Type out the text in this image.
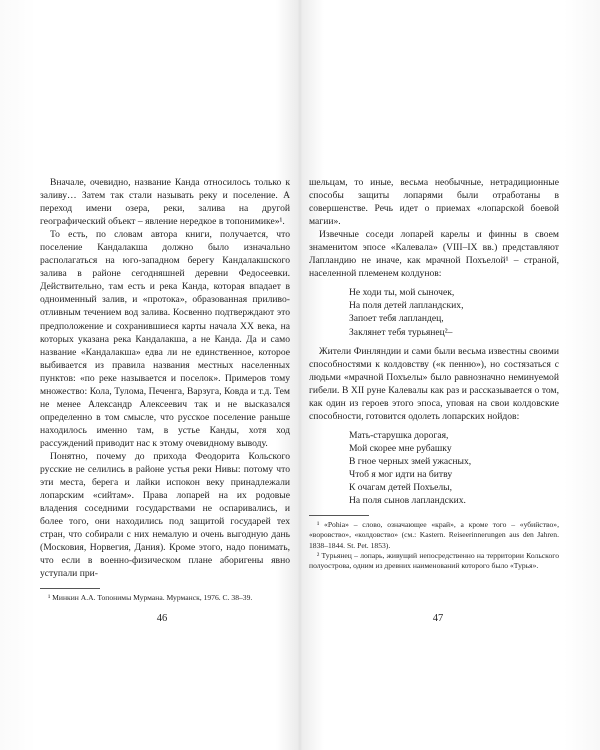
Вначале, очевидно, название Канда относилось только к заливу… Затем так стали называть реку и поселение. А переход имени озера, реки, залива на другой географический объект – явление нередкое в топонимике»¹.

То есть, по словам автора книги, получается, что поселение Кандалакша должно было изначально располагаться на юго-западном берегу Кандалакшского залива в районе сегодняшней деревни Федосеевки. Действительно, там есть и река Канда, которая впадает в одноименный залив, и «протока», образованная приливо-отливным течением вод залива. Косвенно подтверждают это предположение и сохранившиеся карты начала XX века, на которых указана река Кандалакша, а не Канда. Да и само название «Кандалакша» едва ли не единственное, которое выбивается из правила названия местных населенных пунктов: «по реке называется и поселок». Примеров тому множество: Кола, Тулома, Печенга, Варзуга, Ковда и т.д. Тем не менее Александр Алексеевич так и не высказался определенно в том смысле, что русское поселение раньше находилось именно там, в устье Канды, хотя ход рассуждений приводит нас к этому очевидному выводу.

Понятно, почему до прихода Феодорита Кольского русские не селились в районе устья реки Нивы: потому что эти места, берега и лайки испокон веку принадлежали лопарским «сийтам». Права лопарей на их родовые владения соседними государствами не оспаривались, и более того, они находились под защитой государей тех стран, что собирали с них немалую и очень выгодную дань (Московия, Норвегия, Дания). Кроме этого, надо понимать, что если в военно-физическом плане аборигены явно уступали при-

¹ Минкин А.А. Топонимы Мурмана. Мурманск, 1976. С. 38–39.

46

шельцам, то иные, весьма необычные, нетрадиционные способы защиты лопарями были отработаны в совершенстве. Речь идет о приемах «лопарской боевой магии».

Извечные соседи лопарей карелы и финны в своем знаменитом эпосе «Калевала» (VIII–IX вв.) представляют Лапландию не иначе, как мрачной Похъелой¹ – страной, населенной племенем колдунов:

Не ходи ты, мой сыночек,
На поля детей лапландских,
Запоет тебя лапландец,
Заклянет тебя турьянец²–

Жители Финляндии и сами были весьма известны своими способностями к колдовству («к пенню»), но состязаться с людьми «мрачной Похъелы» было равнозначно неминуемой гибели. В XII руне Калевалы как раз и рассказывается о том, как один из героев этого эпоса, уповая на свои колдовские способности, готовится одолеть лопарских нойдов:

Мать-старушка дорогая,
Мой скорее мне рубашку
В гное черных змей ужасных,
Чтоб я мог идти на битву
К очагам детей Похъелы,
На поля сынов лапландских.

¹ «Pohia» – слово, означающее «край», а кроме того – «убийство», «воровство», «колдовство» (см.: Kastern. Reiseerinnerungen aus den Jahren. 1838–1844. St. Pet. 1853).

² Турьянец – лопарь, живущий непосредственно на территории Кольского полуострова, одним из древних наименований которого было «Турья».

47
